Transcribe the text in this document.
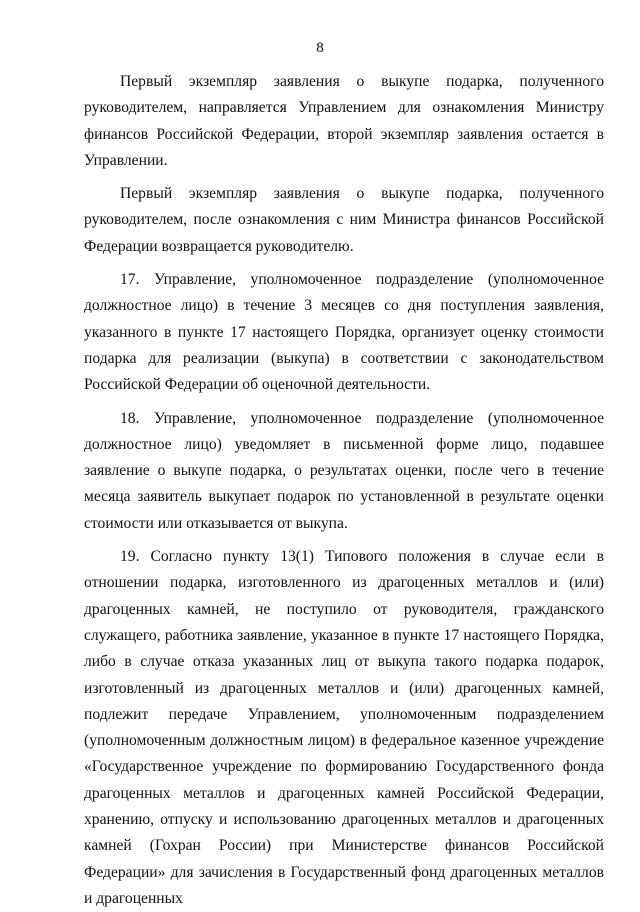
8

Первый экземпляр заявления о выкупе подарка, полученного руководителем, направляется Управлением для ознакомления Министру финансов Российской Федерации, второй экземпляр заявления остается в Управлении.

Первый экземпляр заявления о выкупе подарка, полученного руководителем, после ознакомления с ним Министра финансов Российской Федерации возвращается руководителю.

17. Управление, уполномоченное подразделение (уполномоченное должностное лицо) в течение 3 месяцев со дня поступления заявления, указанного в пункте 17 настоящего Порядка, организует оценку стоимости подарка для реализации (выкупа) в соответствии с законодательством Российской Федерации об оценочной деятельности.

18. Управление, уполномоченное подразделение (уполномоченное должностное лицо) уведомляет в письменной форме лицо, подавшее заявление о выкупе подарка, о результатах оценки, после чего в течение месяца заявитель выкупает подарок по установленной в результате оценки стоимости или отказывается от выкупа.

19. Согласно пункту 13(1) Типового положения в случае если в отношении подарка, изготовленного из драгоценных металлов и (или) драгоценных камней, не поступило от руководителя, гражданского служащего, работника заявление, указанное в пункте 17 настоящего Порядка, либо в случае отказа указанных лиц от выкупа такого подарка подарок, изготовленный из драгоценных металлов и (или) драгоценных камней, подлежит передаче Управлением, уполномоченным подразделением (уполномоченным должностным лицом) в федеральное казенное учреждение «Государственное учреждение по формированию Государственного фонда драгоценных металлов и драгоценных камней Российской Федерации, хранению, отпуску и использованию драгоценных металлов и драгоценных камней (Гохран России) при Министерстве финансов Российской Федерации» для зачисления в Государственный фонд драгоценных металлов и драгоценных
